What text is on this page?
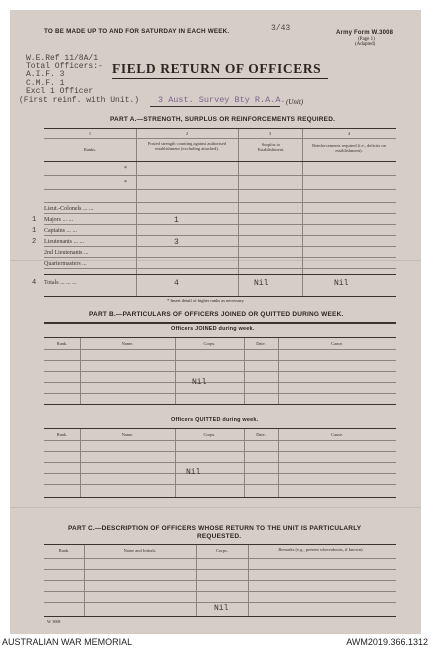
TO BE MADE UP TO AND FOR SATURDAY IN EACH WEEK.	3/43	Army Form W.3008
(Page 1)
(Adapted)
W.E.Ref 11/8A/1
Total Officers:-
A.I.F. 3
C.M.F. 1
Excl 1 Officer
(First reinf. with Unit.)
FIELD RETURN OF OFFICERS
3 Aust. Survey Bty R.A.A. (Unit)
PART A.—STRENGTH, SURPLUS OR REINFORCEMENTS REQUIRED.
1	2	3	4
Ranks.
Posted strength counting against authorised establishment (excluding attached).
Surplus to Establishment.
Reinforcements required (i.e., deficits on establishment).
*
*
Lieut.-Colonels ... ...
1 Majors ... ...	1
1 Captains ... ...
2 Lieutenants ... ...	3
2nd Lieutenants ...
Quartermasters ...
4 Totals ... ... ...	4	Nil	Nil
* Insert detail of higher ranks as necessary.
PART B.—PARTICULARS OF OFFICERS JOINED OR QUITTED DURING WEEK.
Officers JOINED during week.
Rank.	Name.	Corps.	Date.	Cause.
Nil
Officers QUITTED during week.
Rank.	Name.	Corps.	Date.	Cause.
Nil
PART C.—DESCRIPTION OF OFFICERS WHOSE RETURN TO THE UNIT IS PARTICULARLY
REQUESTED.
Rank.	Name and Initials.	Corps.	Remarks (e.g., present whereabouts, if known).
Nil
W. 3008
AUSTRALIAN WAR MEMORIAL	AWM2019.366.1312
